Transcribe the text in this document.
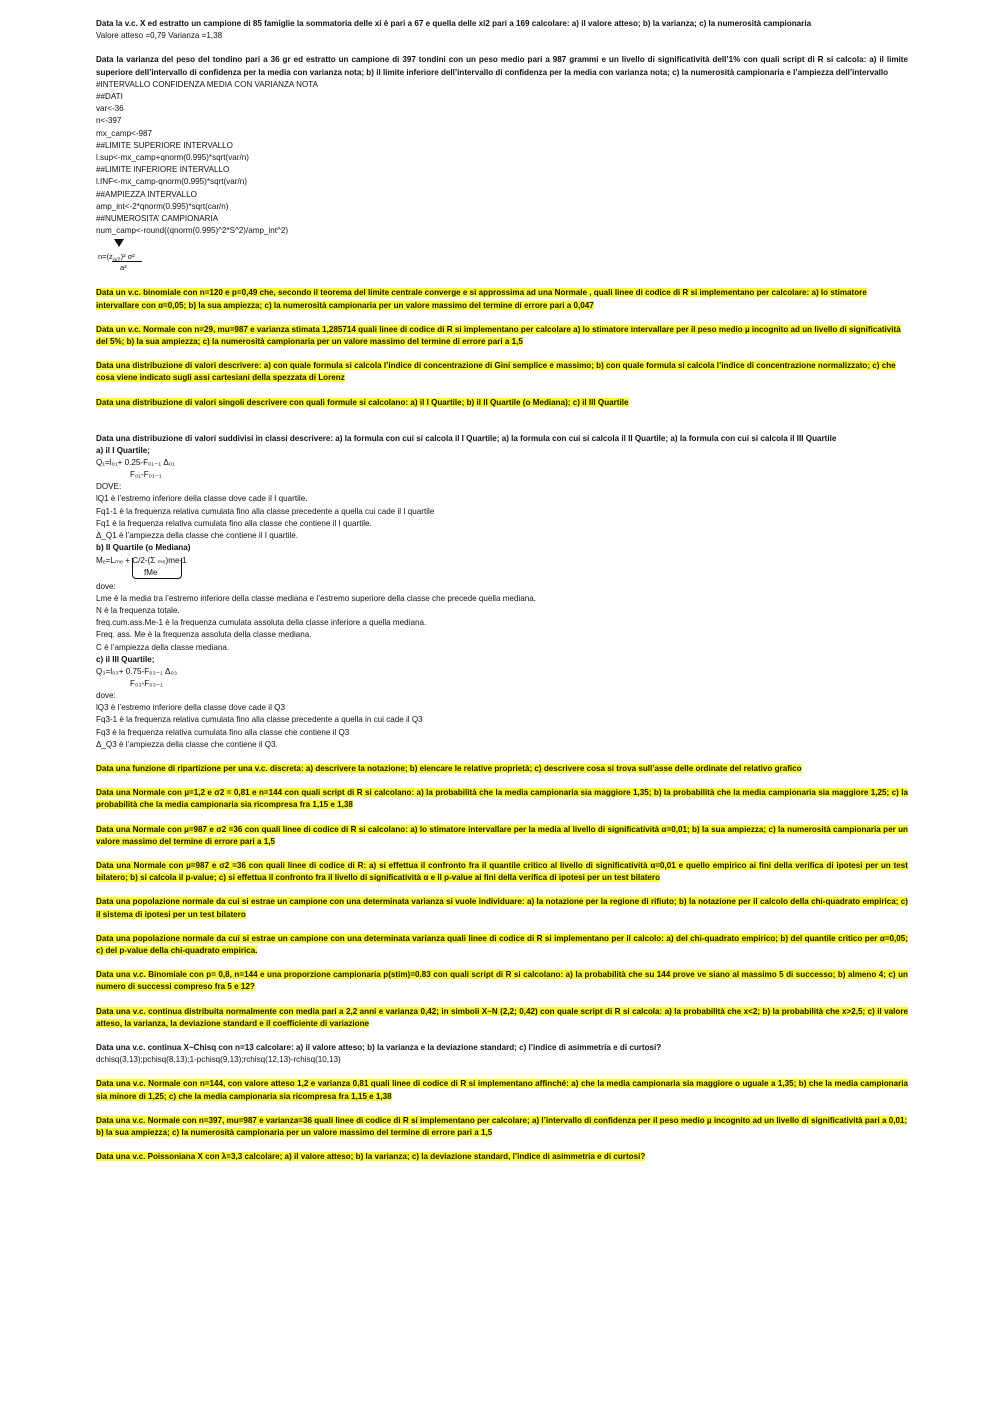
Data la v.c. X ed estratto un campione di 85 famiglie la sommatoria delle xi è pari a 67 e quella delle xi2 pari a 169 calcolare: a) il valore atteso; b) la varianza; c) la numerosità campionaria

Valore atteso =0,79 Varianza =1,38

Data la varianza del peso del tondino pari a 36 gr ed estratto un campione di 397 tondini con un peso medio pari a 987 grammi e un livello di significatività dell’1% con quali script di R si calcola: a) il limite superiore dell’intervallo di confidenza per la media con varianza nota; b) il limite inferiore dell’intervallo di confidenza per la media con varianza nota; c) la numerosità campionaria e l’ampiezza dell’intervallo

#INTERVALLO CONFIDENZA MEDIA CON VARIANZA NOTA

##DATI

var<-36

n<-397

mx_camp<-987

##LIMITE SUPERIORE INTERVALLO

l.sup<-mx_camp+qnorm(0.995)*sqrt(var/n)

##LIMITE INFERIORE INTERVALLO

l.INF<-mx_camp-qnorm(0.995)*sqrt(var/n)

##AMPIEZZA INTERVALLO

amp_int<-2*qnorm(0.995)*sqrt(car/n)

##NUMEROSITA’ CAMPIONARIA

num_camp<-round((qnorm(0.995)^2*S^2)/amp_int^2)

$n=(z_{\alpha/2})^2$ σ²
a²

Data un v.c. binomiale con n=120 e p=0,49 che, secondo il teorema del limite centrale converge e si approssima ad una Normale , quali linee di codice di R si implementano per calcolare: a) lo stimatore intervallare con α=0,05; b) la sua ampiezza; c) la numerosità campionaria per un valore massimo del termine di errore pari a 0,047

Data un v.c. Normale con n=29, mu=987 e varianza stimata 1,285714 quali linee di codice di R si implementano per calcolare a) lo stimatore intervallare per il peso medio µ incognito ad un livello di significatività del 5%; b) la sua ampiezza; c) la numerosità campionaria per un valore massimo del termine di errore pari a 1,5

Data una distribuzione di valori descrivere: a) con quale formula si calcola l’indice di concentrazione di Gini semplice e massimo; b) con quale formula si calcola l’indice di concentrazione normalizzato; c) che cosa viene indicato sugli assi cartesiani della spezzata di Lorenz

Data una distribuzione di valori singoli descrivere con quali formule si calcolano: a) il I Quartile; b) il II Quartile (o Mediana); c) il III Quartile

Data una distribuzione di valori suddivisi in classi descrivere: a) la formula con cui si calcola il I Quartile; a) la formula con cui si calcola il II Quartile; a) la formula con cui si calcola il III Quartile

a) il I Quartile;

Q₁=l₀₁+ 0.25-F₀₁₋₁ Δ₀₁
F₀₁-F₀₁₋₁

DOVE:

lQ1 è l’estremo inferiore della classe dove cade il I quartile.

Fq1-1 è la frequenza relativa cumulata fino alla classe precedente a quella cui cade il I quartile

Fq1 è la frequenza relativa cumulata fino alla classe che contiene il I quartile.

Δ_Q1 è l’ampiezza della classe che contiene il I quartile.

b) II Quartile (o Mediana)

Mₑ=Lₘₑ + C/2-(Σ ₘₑ)me-1
fMe

dove:

Lme è la media tra l’estremo inferiore della classe mediana e l’estremo superiore della classe che precede quella mediana.

N è la frequenza totale.

freq.cum.ass.Me-1 è la frequenza cumulata assoluta della classe inferiore a quella mediana.

Freq. ass. Me è la frequenza assoluta della classe mediana.

C è l’ampiezza della classe mediana.

c) il III Quartile;

Q₃=l₀₃+ 0.75-F₀₃₋₁ Δ₀₃
F₀₃-F₀₃₋₁

dove:

lQ3 è l’estremo inferiore della classe dove cade il Q3

Fq3-1 è la frequenza relativa cumulata fino alla classe precedente a quella in cui cade il Q3

Fq3 è la frequenza relativa cumulata fino alla classe che contiene il Q3

Δ_Q3 è l’ampiezza della classe che contiene il Q3.

Data una funzione di ripartizione per una v.c. discreta: a) descrivere la notazione; b) elencare le relative proprietà; c) descrivere cosa si trova sull’asse delle ordinate del relativo grafico

Data una Normale con µ=1,2 e σ2 = 0,81 e n=144 con quali script di R si calcolano: a) la probabilità che la media campionaria sia maggiore 1,35; b) la probabilità che la media campionaria sia maggiore 1,25; c) la probabilità che la media campionaria sia ricompresa fra 1,15 e 1,38

Data una Normale con µ=987 e σ2 =36 con quali linee di codice di R si calcolano: a) lo stimatore intervallare per la media al livello di significatività α=0,01; b) la sua ampiezza; c) la numerosità campionaria per un valore massimo del termine di errore pari a 1,5

Data una Normale con µ=987 e σ2 =36 con quali linee di codice di R: a) si effettua il confronto fra il quantile critico al livello di significatività α=0,01 e quello empirico ai fini della verifica di ipotesi per un test bilatero; b) si calcola il p-value; c) si effettua il confronto fra il livello di significatività α e il p-value ai fini della verifica di ipotesi per un test bilatero

Data una popolazione normale da cui si estrae un campione con una determinata varianza si vuole individuare: a) la notazione per la regione di rifiuto; b) la notazione per il calcolo della chi-quadrato empirica; c) il sistema di ipotesi per un test bilatero

Data una popolazione normale da cui si estrae un campione con una determinata varianza quali linee di codice di R si implementano per il calcolo: a) del chi-quadrato empirico; b) del quantile critico per α=0,05; c) del p-value della chi-quadrato empirica.

Data una v.c. Binomiale con p= 0,8, n=144 e una proporzione campionaria p(stim)=0.83 con quali script di R si calcolano: a) la probabilità che su 144 prove ve siano al massimo 5 di successo; b) almeno 4; c) un numero di successi compreso fra 5 e 12?

Data una v.c. continua distribuita normalmente con media pari a 2,2 anni e varianza 0,42; in simboli X~N (2,2; 0,42) con quale script di R si calcola: a) la probabilità che x<2; b) la probabilità che x>2,5; c) il valore atteso, la varianza, la deviazione standard e il coefficiente di variazione

Data una v.c. continua X~Chisq con n=13 calcolare: a) il valore atteso; b) la varianza e la deviazione standard; c) l’indice di asimmetria e di curtosi?

dchisq(3,13);pchisq(8,13);1-pchisq(9,13);rchisq(12,13)-rchisq(10,13)

Data una v.c. Normale con n=144, con valore atteso 1,2 e varianza 0,81 quali linee di codice di R si implementano affinché: a) che la media campionaria sia maggiore o uguale a 1,35; b) che la media campionaria sia minore di 1,25; c) che la media campionaria sia ricompresa fra 1,15 e 1,38

Data una v.c. Normale con n=397, mu=987 e varianza=36 quali linee di codice di R si implementano per calcolare; a) l’intervallo di confidenza per il peso medio µ incognito ad un livello di significatività pari a 0,01; b) la sua ampiezza; c) la numerosità campionaria per un valore massimo del termine di errore pari a 1,5

Data una v.c. Poissoniana X con λ=3,3 calcolare; a) il valore atteso; b) la varianza; c) la deviazione standard, l’indice di asimmetria e di curtosi?
